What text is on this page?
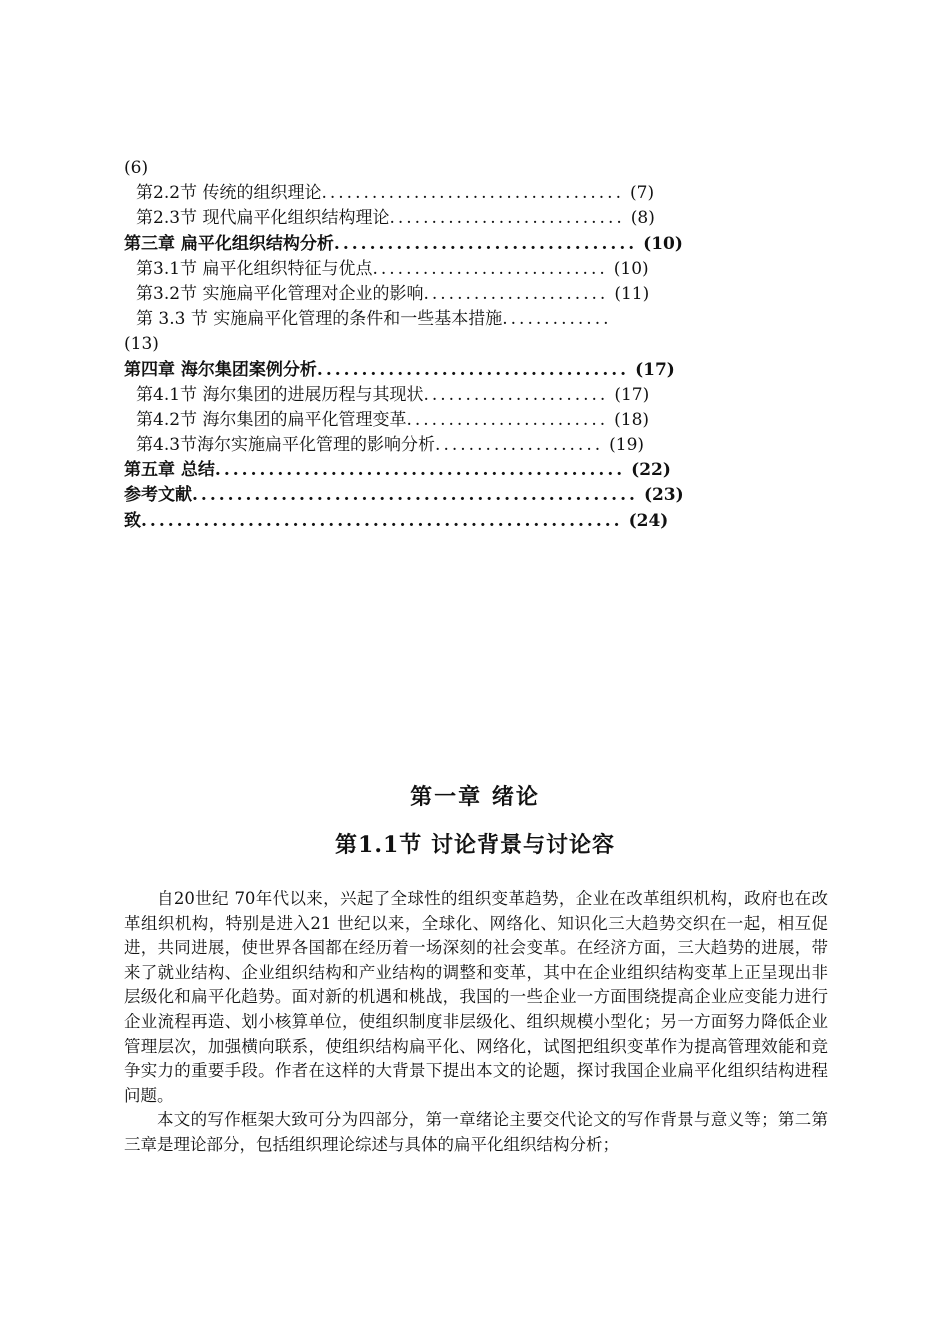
(6)
第2.2节 传统的组织理论.................................... (7)
第2.3节 现代扁平化组织结构理论............................ (8)
第三章 扁平化组织结构分析.................................. (10)
第3.1节 扁平化组织特征与优点............................ (10)
第3.2节 实施扁平化管理对企业的影响...................... (11)
第 3.3 节 实施扁平化管理的条件和一些基本措施.............
(13)
第四章 海尔集团案例分析................................... (17)
第4.1节 海尔集团的进展历程与其现状...................... (17)
第4.2节 海尔集团的扁平化管理变革........................ (18)
第4.3节海尔实施扁平化管理的影响分析.................... (19)
第五章 总结.............................................. (22)
参考文献.................................................. (23)
致...................................................... (24)
第一章 绪论
第1.1节 讨论背景与讨论容

自20世纪 70年代以来，兴起了全球性的组织变革趋势，企业在改革组织机构，政府也在改革组织机构，特别是进入21 世纪以来，全球化、网络化、知识化三大趋势交织在一起，相互促进，共同进展，使世界各国都在经历着一场深刻的社会变革。在经济方面，三大趋势的进展，带来了就业结构、企业组织结构和产业结构的调整和变革，其中在企业组织结构变革上正呈现出非层级化和扁平化趋势。面对新的机遇和桃战，我国的一些企业一方面围绕提高企业应变能力进行企业流程再造、划小核算单位，使组织制度非层级化、组织规模小型化；另一方面努力降低企业管理层次，加强横向联系，使组织结构扁平化、网络化，试图把组织变革作为提高管理效能和竞争实力的重要手段。作者在这样的大背景下提出本文的论题，探讨我国企业扁平化组织结构进程问题。

本文的写作框架大致可分为四部分，第一章绪论主要交代论文的写作背景与意义等；第二第三章是理论部分，包括组织理论综述与具体的扁平化组织结构分析；
